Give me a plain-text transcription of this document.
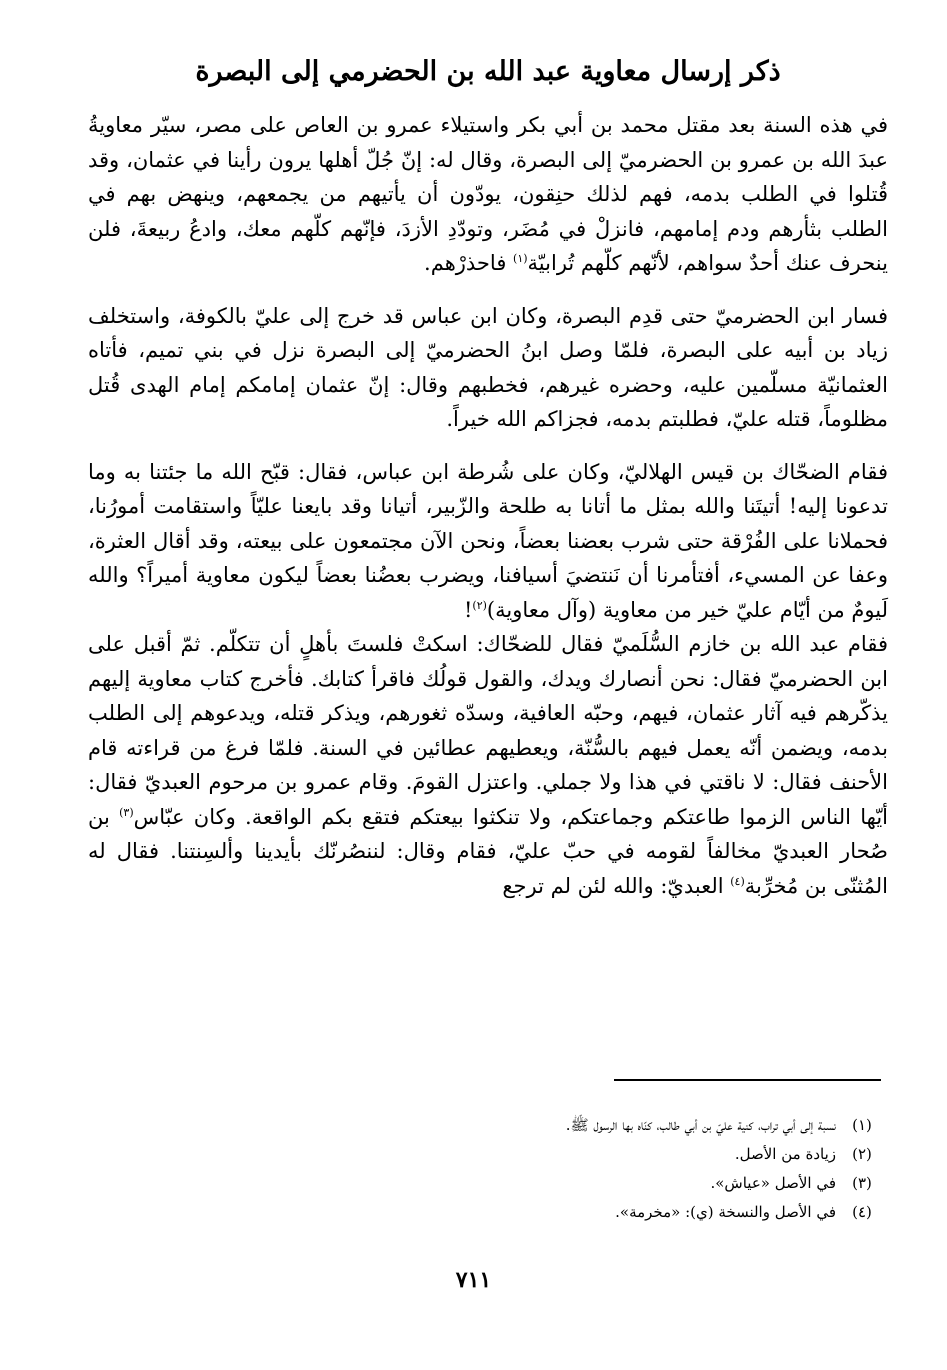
ذكر إرسال معاوية عبد الله بن الحضرمي إلى البصرة

في هذه السنة بعد مقتل محمد بن أبي بكر واستيلاء عمرو بن العاص على مصر، سيّر معاويةُ عبدَ الله بن عمرو بن الحضرميّ إلى البصرة، وقال له: إنّ جُلّ أهلها يرون رأينا في عثمان، وقد قُتلوا في الطلب بدمه، فهم لذلك حنِقون، يودّون أن يأتيهم من يجمعهم، وينهض بهم في الطلب بثأرهم ودم إمامهم، فانزلْ في مُضَر، وتودّدِ الأزدَ، فإنّهم كلّهم معك، وادعُ ربيعةَ، فلن ينحرف عنك أحدٌ سواهم، لأنّهم كلّهم تُرابيّة$^{(١)}$ فاحذرْهم.

فسار ابن الحضرميّ حتى قدِم البصرة، وكان ابن عباس قد خرج إلى عليّ بالكوفة، واستخلف زياد بن أبيه على البصرة، فلمّا وصل ابنُ الحضرميّ إلى البصرة نزل في بني تميم، فأتاه العثمانيّة مسلّمين عليه، وحضره غيرهم، فخطبهم وقال: إنّ عثمان إمامكم إمام الهدى قُتل مظلوماً، قتله عليّ، فطلبتم بدمه، فجزاكم الله خيراً.

فقام الضحّاك بن قيس الهلاليّ، وكان على شُرطة ابن عباس، فقال: قبّح الله ما جئتنا به وما تدعونا إليه! أتيتَنا والله بمثل ما أتانا به طلحة والزّبير، أتيانا وقد بايعنا عليّاً واستقامت أمورُنا، فحملانا على الفُرْقة حتى شرب بعضنا بعضاً، ونحن الآن مجتمعون على بيعته، وقد أقال العثرة، وعفا عن المسيء، أفتأمرنا أن نَنتضيَ أسيافنا، ويضرب بعضُنا بعضاً ليكون معاوية أميراً؟ والله لَيومٌ من أيّام عليّ خير من معاوية (وآل معاوية)$^{(٢)}$!

فقام عبد الله بن خازم السُّلَميّ فقال للضحّاك: اسكتْ فلستَ بأهلٍ أن تتكلّم. ثمّ أقبل على ابن الحضرميّ فقال: نحن أنصارك ويدك، والقول قولُك فاقرأ كتابك. فأخرج كتاب معاوية إليهم يذكّرهم فيه آثار عثمان، فيهم، وحبّه العافية، وسدّه ثغورهم، ويذكر قتله، ويدعوهم إلى الطلب بدمه، ويضمن أنّه يعمل فيهم بالسُّنّة، ويعطيهم عطائين في السنة. فلمّا فرغ من قراءته قام الأحنف فقال: لا ناقتي في هذا ولا جملي. واعتزل القومَ. وقام عمرو بن مرحوم العبديّ فقال: أيّها الناس الزموا طاعتكم وجماعتكم، ولا تنكثوا بيعتكم فتقع بكم الواقعة. وكان عبّاس$^{(٣)}$ بن صُحار العبديّ مخالفاً لقومه في حبّ عليّ، فقام وقال: لننصُرنّك بأيدينا وألسِنتنا. فقال له المُثنّى بن مُخرِّبة$^{(٤)}$ العبديّ: والله لئن لم ترجع

(١)
نسبة إلى أبي تراب، كنية عليّ بن أبي طالب، كنّاه بها الرسول ﷺ.
(٢)
زيادة من الأصل.
(٣)
في الأصل «عياش».
(٤)
في الأصل والنسخة (ي): «مخرمة».
٧١١
